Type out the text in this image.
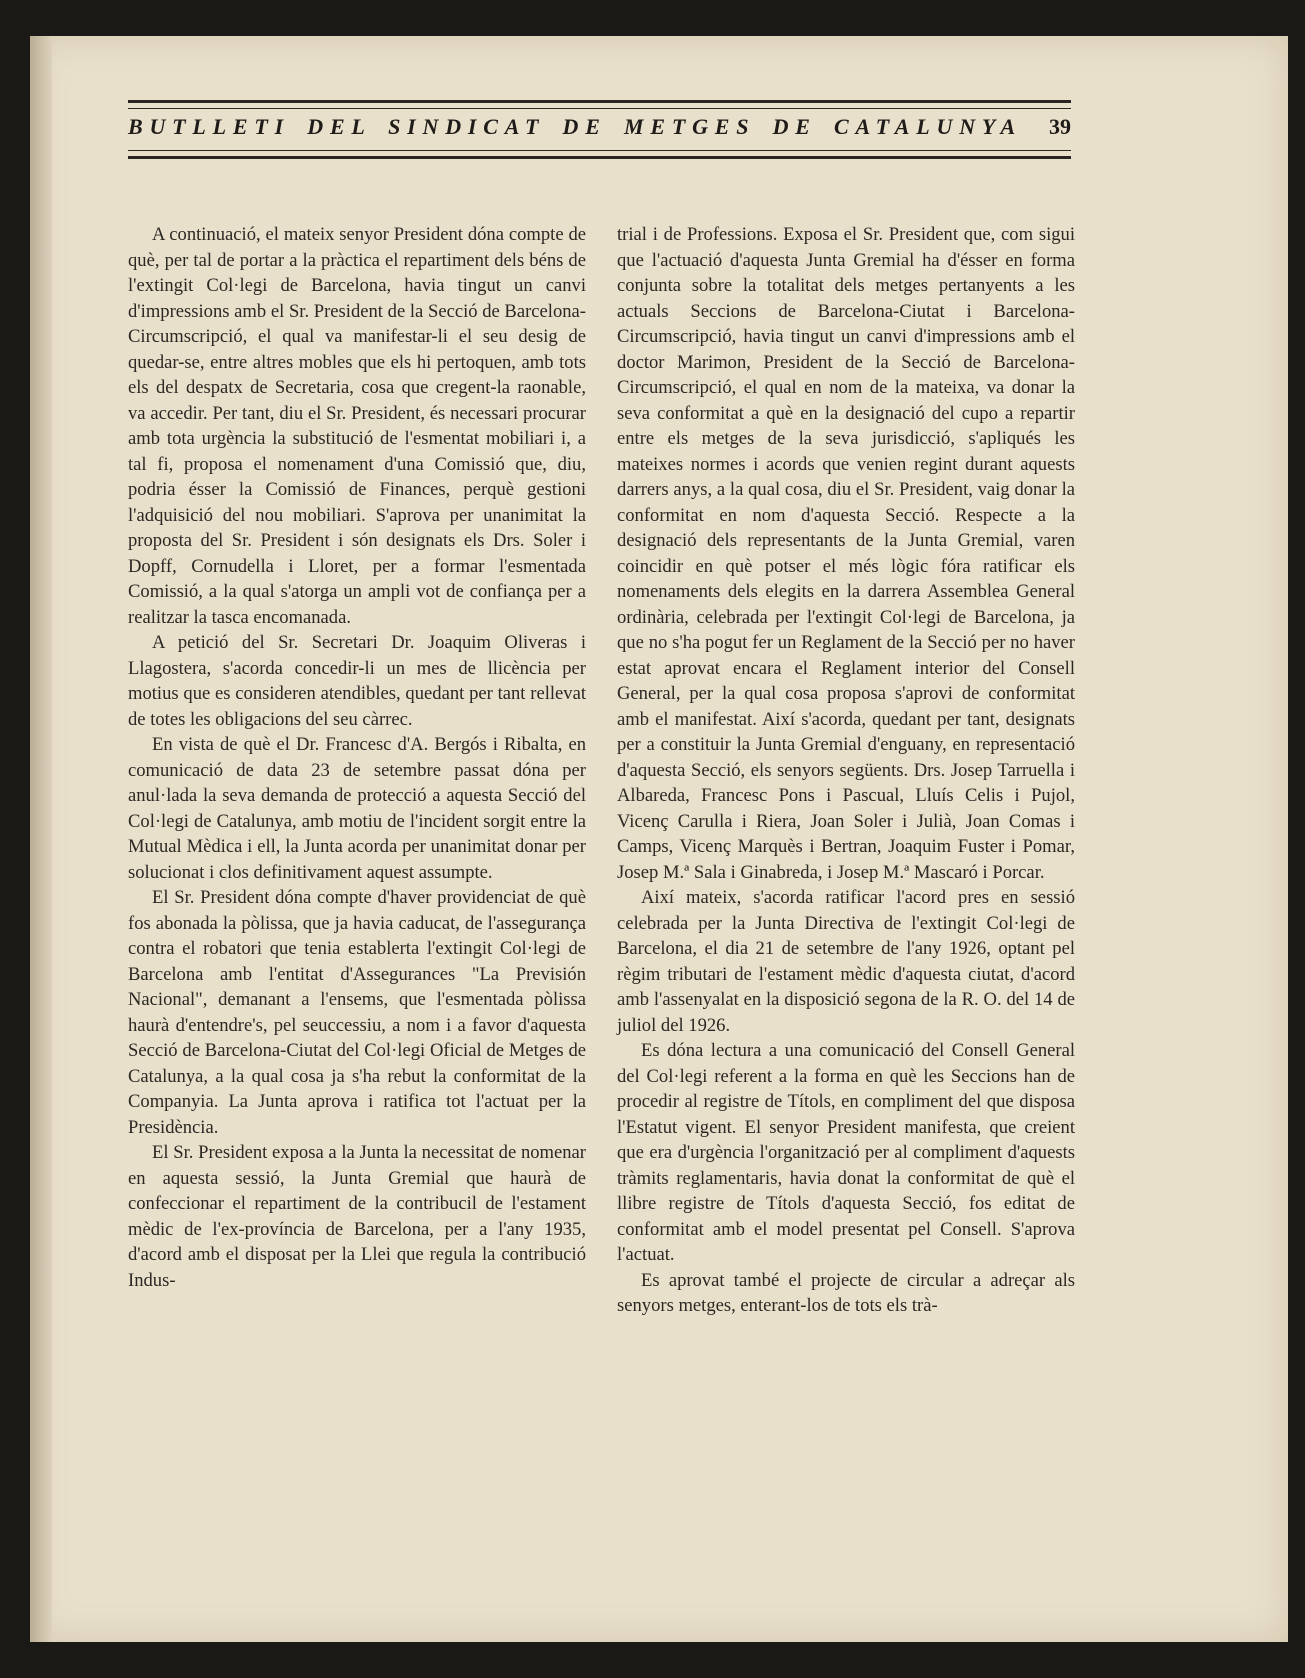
BUTLLETI DEL SINDICAT DE METGES DE CATALUNYA 39

A continuació, el mateix senyor President dóna compte de què, per tal de portar a la pràctica el repartiment dels béns de l'extingit Col·legi de Barcelona, havia tingut un canvi d'impressions amb el Sr. President de la Secció de Barcelona-Circumscripció, el qual va manifestar-li el seu desig de quedar-se, entre altres mobles que els hi pertoquen, amb tots els del despatx de Secretaria, cosa que cregent-la raonable, va accedir. Per tant, diu el Sr. President, és necessari procurar amb tota urgència la substitució de l'esmentat mobiliari i, a tal fi, proposa el nomenament d'una Comissió que, diu, podria ésser la Comissió de Finances, perquè gestioni l'adquisició del nou mobiliari. S'aprova per unanimitat la proposta del Sr. President i són designats els Drs. Soler i Dopff, Cornudella i Lloret, per a formar l'esmentada Comissió, a la qual s'atorga un ampli vot de confiança per a realitzar la tasca encomanada.

A petició del Sr. Secretari Dr. Joaquim Oliveras i Llagostera, s'acorda concedir-li un mes de llicència per motius que es consideren atendibles, quedant per tant rellevat de totes les obligacions del seu càrrec.

En vista de què el Dr. Francesc d'A. Bergós i Ribalta, en comunicació de data 23 de setembre passat dóna per anul·lada la seva demanda de protecció a aquesta Secció del Col·legi de Catalunya, amb motiu de l'incident sorgit entre la Mutual Mèdica i ell, la Junta acorda per unanimitat donar per solucionat i clos definitivament aquest assumpte.

El Sr. President dóna compte d'haver providenciat de què fos abonada la pòlissa, que ja havia caducat, de l'assegurança contra el robatori que tenia establerta l'extingit Col·legi de Barcelona amb l'entitat d'Assegurances "La Previsión Nacional", demanant a l'ensems, que l'esmentada pòlissa haurà d'entendre's, pel seuccessiu, a nom i a favor d'aquesta Secció de Barcelona-Ciutat del Col·legi Oficial de Metges de Catalunya, a la qual cosa ja s'ha rebut la conformitat de la Companyia. La Junta aprova i ratifica tot l'actuat per la Presidència.

El Sr. President exposa a la Junta la necessitat de nomenar en aquesta sessió, la Junta Gremial que haurà de confeccionar el repartiment de la contribucil de l'estament mèdic de l'ex-província de Barcelona, per a l'any 1935, d'acord amb el disposat per la Llei que regula la contribució Indus-

trial i de Professions. Exposa el Sr. President que, com sigui que l'actuació d'aquesta Junta Gremial ha d'ésser en forma conjunta sobre la totalitat dels metges pertanyents a les actuals Seccions de Barcelona-Ciutat i Barcelona-Circumscripció, havia tingut un canvi d'impressions amb el doctor Marimon, President de la Secció de Barcelona-Circumscripció, el qual en nom de la mateixa, va donar la seva conformitat a què en la designació del cupo a repartir entre els metges de la seva jurisdicció, s'apliqués les mateixes normes i acords que venien regint durant aquests darrers anys, a la qual cosa, diu el Sr. President, vaig donar la conformitat en nom d'aquesta Secció. Respecte a la designació dels representants de la Junta Gremial, varen coincidir en què potser el més lògic fóra ratificar els nomenaments dels elegits en la darrera Assemblea General ordinària, celebrada per l'extingit Col·legi de Barcelona, ja que no s'ha pogut fer un Reglament de la Secció per no haver estat aprovat encara el Reglament interior del Consell General, per la qual cosa proposa s'aprovi de conformitat amb el manifestat. Així s'acorda, quedant per tant, designats per a constituir la Junta Gremial d'enguany, en representació d'aquesta Secció, els senyors següents. Drs. Josep Tarruella i Albareda, Francesc Pons i Pascual, Lluís Celis i Pujol, Vicenç Carulla i Riera, Joan Soler i Julià, Joan Comas i Camps, Vicenç Marquès i Bertran, Joaquim Fuster i Pomar, Josep M.ª Sala i Ginabreda, i Josep M.ª Mascaró i Porcar.

Així mateix, s'acorda ratificar l'acord pres en sessió celebrada per la Junta Directiva de l'extingit Col·legi de Barcelona, el dia 21 de setembre de l'any 1926, optant pel règim tributari de l'estament mèdic d'aquesta ciutat, d'acord amb l'assenyalat en la disposició segona de la R. O. del 14 de juliol del 1926.

Es dóna lectura a una comunicació del Consell General del Col·legi referent a la forma en què les Seccions han de procedir al registre de Títols, en compliment del que disposa l'Estatut vigent. El senyor President manifesta, que creient que era d'urgència l'organització per al compliment d'aquests tràmits reglamentaris, havia donat la conformitat de què el llibre registre de Títols d'aquesta Secció, fos editat de conformitat amb el model presentat pel Consell. S'aprova l'actuat.

Es aprovat també el projecte de circular a adreçar als senyors metges, enterant-los de tots els trà-
